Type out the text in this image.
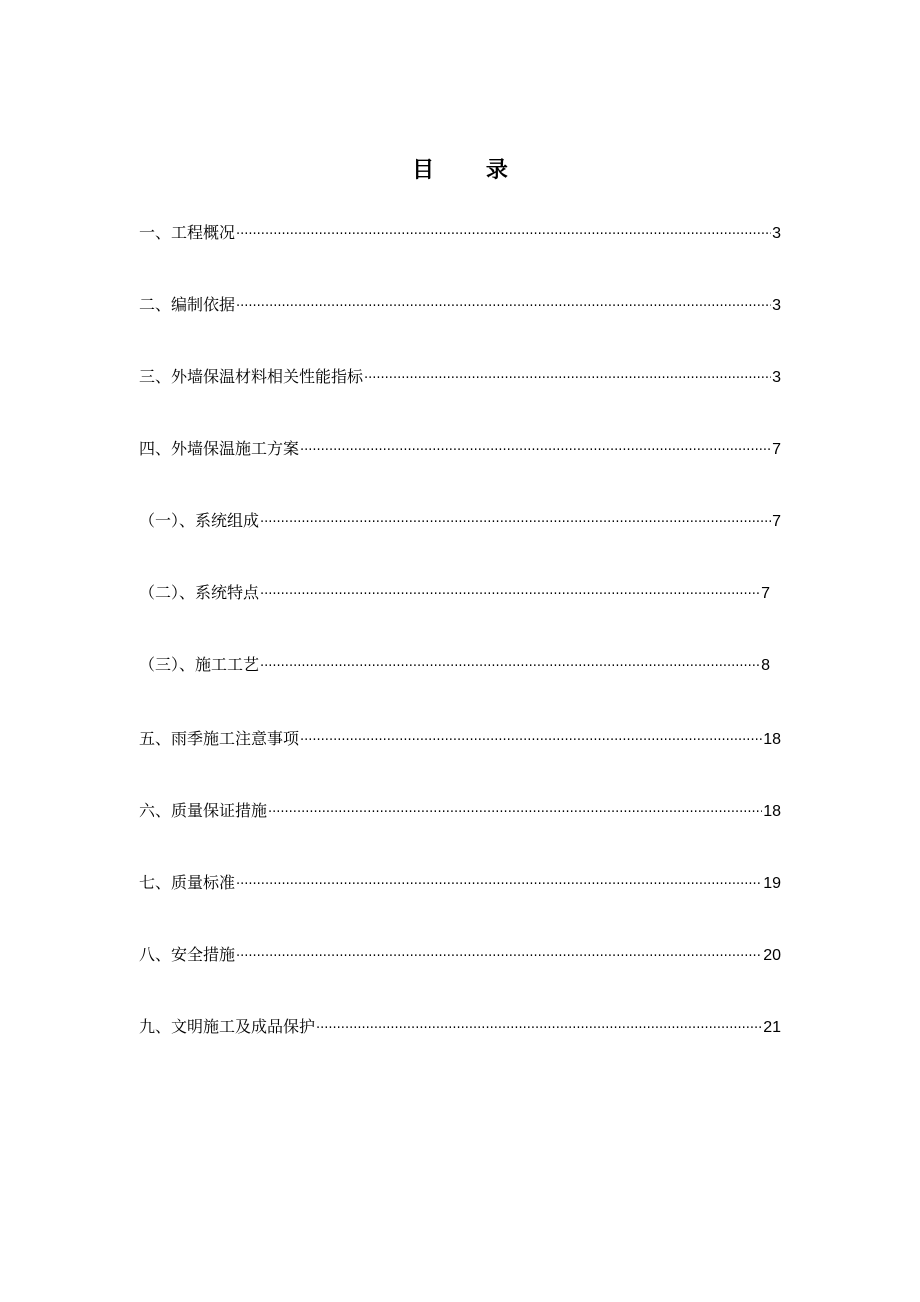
目 录
一、工程概况 ·····	3
二、编制依据 ·····	3
三、外墙保温材料相关性能指标 ·····	3
四、外墙保温施工方案 ·····	7
（一）、系统组成 ·····	7
（二）、系统特点 ·····	7
（三）、施工工艺 ·····	8
五、雨季施工注意事项 ·····	18
六、质量保证措施 ·····	18
七、质量标准 ·····	19
八、安全措施 ·····	20
九、文明施工及成品保护 ·····	21
